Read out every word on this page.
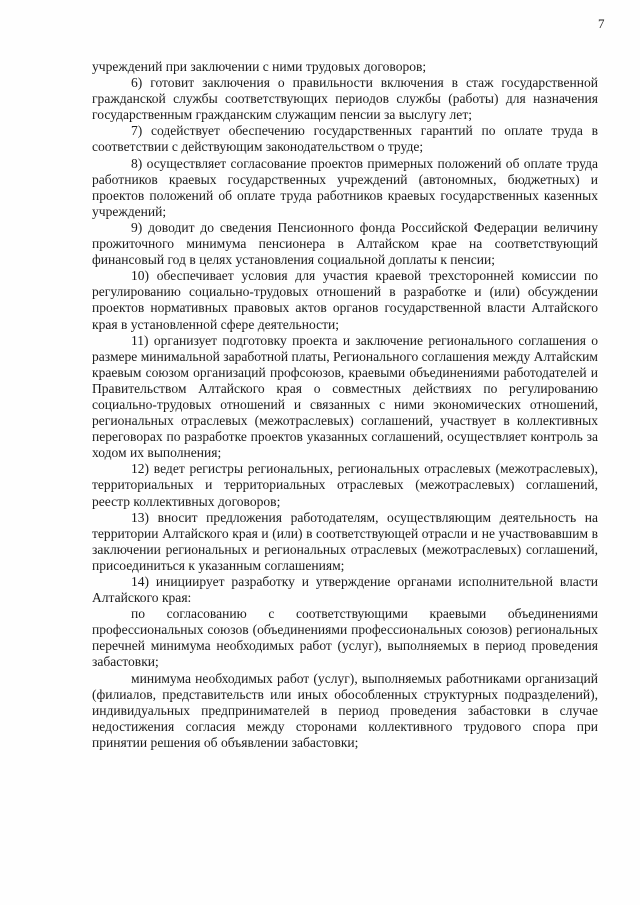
7

учреждений при заключении с ними трудовых договоров;

6) готовит заключения о правильности включения в стаж государственной гражданской службы соответствующих периодов службы (работы) для назначения государственным гражданским служащим пенсии за выслугу лет;

7) содействует обеспечению государственных гарантий по оплате труда в соответствии с действующим законодательством о труде;

8) осуществляет согласование проектов примерных положений об оплате труда работников краевых государственных учреждений (автономных, бюджетных) и проектов положений об оплате труда работников краевых государственных казенных учреждений;

9) доводит до сведения Пенсионного фонда Российской Федерации величину прожиточного минимума пенсионера в Алтайском крае на соответствующий финансовый год в целях установления социальной доплаты к пенсии;

10) обеспечивает условия для участия краевой трехсторонней комиссии по регулированию социально-трудовых отношений в разработке и (или) обсуждении проектов нормативных правовых актов органов государственной власти Алтайского края в установленной сфере деятельности;

11) организует подготовку проекта и заключение регионального соглашения о размере минимальной заработной платы, Регионального соглашения между Алтайским краевым союзом организаций профсоюзов, краевыми объединениями работодателей и Правительством Алтайского края о совместных действиях по регулированию социально-трудовых отношений и связанных с ними экономических отношений, региональных отраслевых (межотраслевых) соглашений, участвует в коллективных переговорах по разработке проектов указанных соглашений, осуществляет контроль за ходом их выполнения;

12) ведет регистры региональных, региональных отраслевых (межотраслевых), территориальных и территориальных отраслевых (межотраслевых) соглашений, реестр коллективных договоров;

13) вносит предложения работодателям, осуществляющим деятельность на территории Алтайского края и (или) в соответствующей отрасли и не участвовавшим в заключении региональных и региональных отраслевых (межотраслевых) соглашений, присоединиться к указанным соглашениям;

14) инициирует разработку и утверждение органами исполнительной власти Алтайского края:

по согласованию с соответствующими краевыми объединениями профессиональных союзов (объединениями профессиональных союзов) региональных перечней минимума необходимых работ (услуг), выполняемых в период проведения забастовки;

минимума необходимых работ (услуг), выполняемых работниками организаций (филиалов, представительств или иных обособленных структурных подразделений), индивидуальных предпринимателей в период проведения забастовки в случае недостижения согласия между сторонами коллективного трудового спора при принятии решения об объявлении забастовки;
